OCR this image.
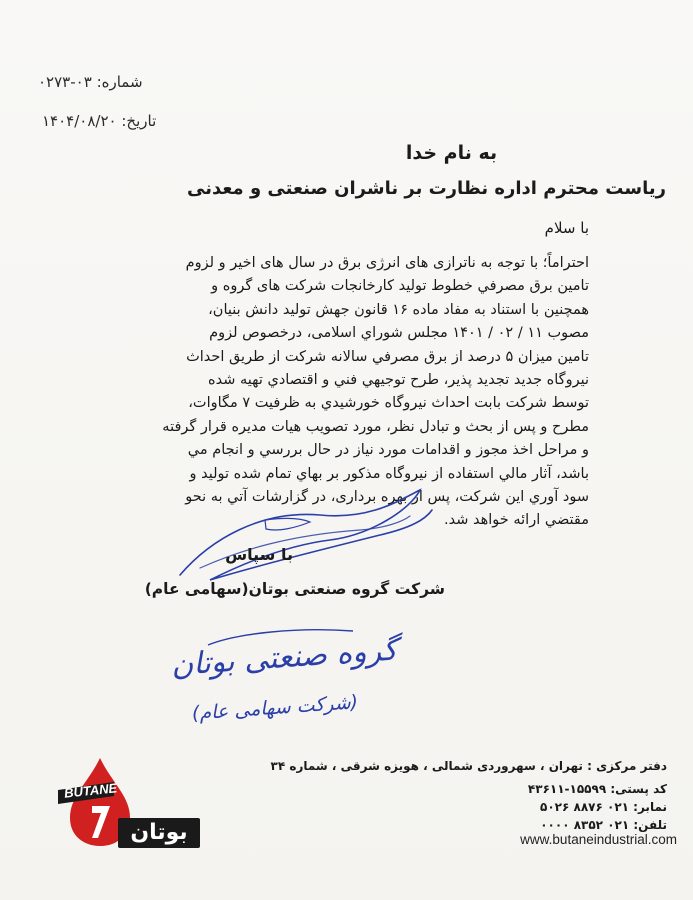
شماره: ۰۳-۰۲۷۳
تاریخ: ۱۴۰۴/۰۸/۲۰
به نام خدا
ریاست محترم اداره نظارت بر ناشران صنعتی و معدنی
با سلام
احتراماً؛ با توجه به ناترازی های انرژی برق در سال های اخیر و لزوم
تامین برق مصرفي خطوط تولید کارخانجات شرکت های گروه و
همچنین با استناد به مفاد ماده ۱۶ قانون جهش تولید دانش بنیان،
مصوب ۱۱ / ۰۲ / ۱۴۰۱ مجلس شوراي اسلامی، درخصوص لزوم
تامین میزان ۵ درصد از برق مصرفي سالانه شرکت از طریق احداث
نیروگاه جدید تجدید پذیر، طرح توجیهي فني و اقتصادي تهیه شده
توسط شرکت بابت احداث نیروگاه خورشیدي به ظرفیت ۷ مگاوات،
مطرح و پس از بحث و تبادل نظر، مورد تصویب هیات مدیره قرار گرفته
و مراحل اخذ مجوز و اقدامات مورد نیاز در حال بررسي و انجام مي
باشد، آثار مالي استفاده از نیروگاه مذکور بر بهاي تمام شده تولید و
سود آوري این شرکت، پس از بهره برداری، در گزارشات آتي به نحو
مقتضي ارائه خواهد شد.
با سپاس
شرکت گروه صنعتی بوتان(سهامی عام)
گروه صنعتی بوتان
(شرکت سهامی عام)
دفتر مرکزی : تهران ، سهروردی شمالی ، هویزه شرقی ، شماره ۳۴
کد پستی: ۱۵۵۹۹-۴۳۶۱۱
نمابر: ۰۲۱ ۸۸۷۶ ۵۰۲۶
تلفن: ۰۲۱ ۸۳۵۲ ۰۰۰۰
www.butaneindustrial.com
BUTANE
بوتان
